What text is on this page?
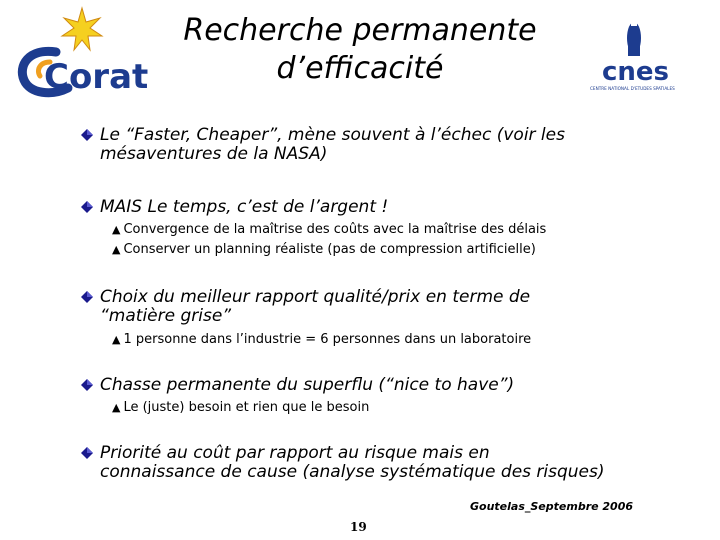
Corat	cnes
CENTRE NATIONAL D'ETUDES SPATIALES
Recherche permanente
d’efficacité
Le “Faster, Cheaper”, mène souvent à l’échec (voir les
mésaventures de la NASA)
MAIS Le temps, c’est de l’argent !
▲ Convergence de la maîtrise des coûts avec la maîtrise des délais
▲ Conserver un planning réaliste (pas de compression artificielle)
Choix du meilleur rapport qualité/prix en terme de
“matière grise”
▲ 1 personne dans l’industrie = 6 personnes dans un laboratoire
Chasse permanente du superflu (“nice to have”)
▲ Le (juste) besoin et rien que le besoin
Priorité au coût par rapport au risque mais en
connaissance de cause (analyse systématique des risques)
Goutelas_Septembre 2006
19
